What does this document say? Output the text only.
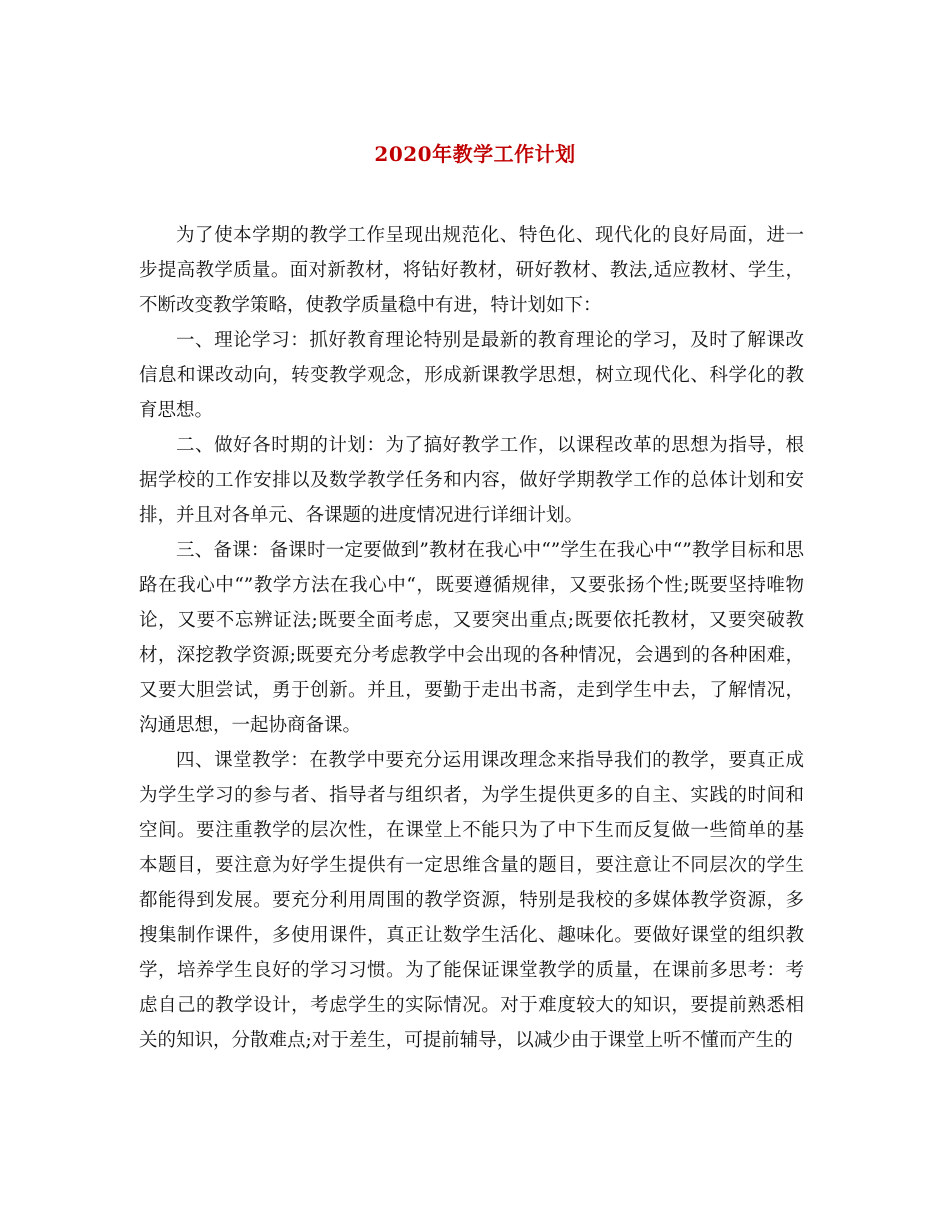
2020年教学工作计划

为了使本学期的教学工作呈现出规范化、特色化、现代化的良好局面，进一步提高教学质量。面对新教材，将钻好教材，研好教材、教法,适应教材、学生，不断改变教学策略，使教学质量稳中有进，特计划如下：

一、理论学习：抓好教育理论特别是最新的教育理论的学习，及时了解课改信息和课改动向，转变教学观念，形成新课教学思想，树立现代化、科学化的教育思想。

二、做好各时期的计划：为了搞好教学工作，以课程改革的思想为指导，根据学校的工作安排以及数学教学任务和内容，做好学期教学工作的总体计划和安排，并且对各单元、各课题的进度情况进行详细计划。

三、备课：备课时一定要做到”教材在我心中“”学生在我心中“”教学目标和思路在我心中“”教学方法在我心中“，既要遵循规律，又要张扬个性;既要坚持唯物论，又要不忘辨证法;既要全面考虑，又要突出重点;既要依托教材，又要突破教材，深挖教学资源;既要充分考虑教学中会出现的各种情况，会遇到的各种困难，又要大胆尝试，勇于创新。并且，要勤于走出书斋，走到学生中去，了解情况，沟通思想，一起协商备课。

四、课堂教学：在教学中要充分运用课改理念来指导我们的教学，要真正成为学生学习的参与者、指导者与组织者，为学生提供更多的自主、实践的时间和空间。要注重教学的层次性，在课堂上不能只为了中下生而反复做一些简单的基本题目，要注意为好学生提供有一定思维含量的题目，要注意让不同层次的学生都能得到发展。要充分利用周围的教学资源，特别是我校的多媒体教学资源，多搜集制作课件，多使用课件，真正让数学生活化、趣味化。要做好课堂的组织教学，培养学生良好的学习习惯。为了能保证课堂教学的质量，在课前多思考：考虑自己的教学设计，考虑学生的实际情况。对于难度较大的知识，要提前熟悉相关的知识，分散难点;对于差生，可提前辅导，以减少由于课堂上听不懂而产生的
